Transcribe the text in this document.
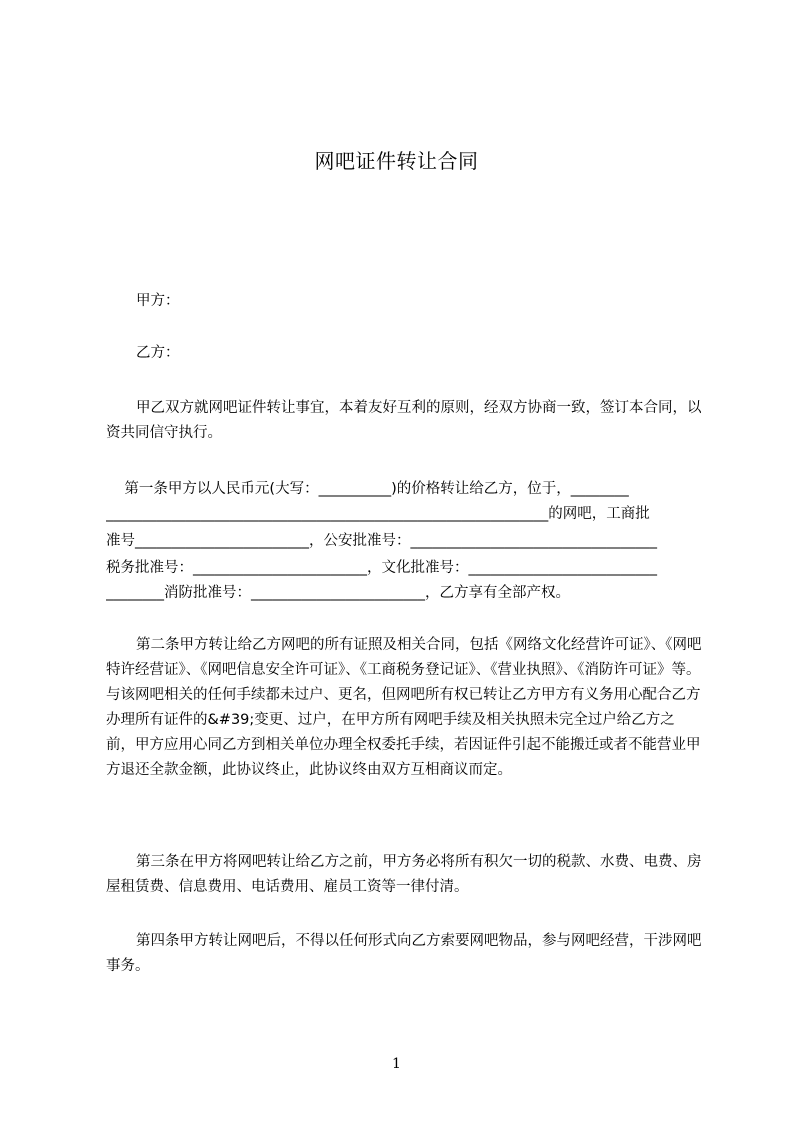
网吧证件转让合同
甲方：
乙方：
甲乙双方就网吧证件转让事宜，本着友好互利的原则，经双方协商一致，签订本合同，以资共同信守执行。
第一条甲方以人民币元(大写：__________)的价格转让给乙方，位于，________
_____________________________________________________________的网吧，工商批
准号________________________，公安批准号：__________________________________
税务批准号：________________________，文化批准号：__________________________
________消防批准号：________________________，乙方享有全部产权。
第二条甲方转让给乙方网吧的所有证照及相关合同，包括《网络文化经营许可证》、《网吧特许经营证》、《网吧信息安全许可证》、《工商税务登记证》、《营业执照》、《消防许可证》等。与该网吧相关的任何手续都未过户、更名，但网吧所有权已转让乙方甲方有义务用心配合乙方办理所有证件的&#39;变更、过户，在甲方所有网吧手续及相关执照未完全过户给乙方之前，甲方应用心同乙方到相关单位办理全权委托手续，若因证件引起不能搬迁或者不能营业甲方退还全款金额，此协议终止，此协议终由双方互相商议而定。
第三条在甲方将网吧转让给乙方之前，甲方务必将所有积欠一切的税款、水费、电费、房屋租赁费、信息费用、电话费用、雇员工资等一律付清。
第四条甲方转让网吧后，不得以任何形式向乙方索要网吧物品，参与网吧经营，干涉网吧事务。
1
